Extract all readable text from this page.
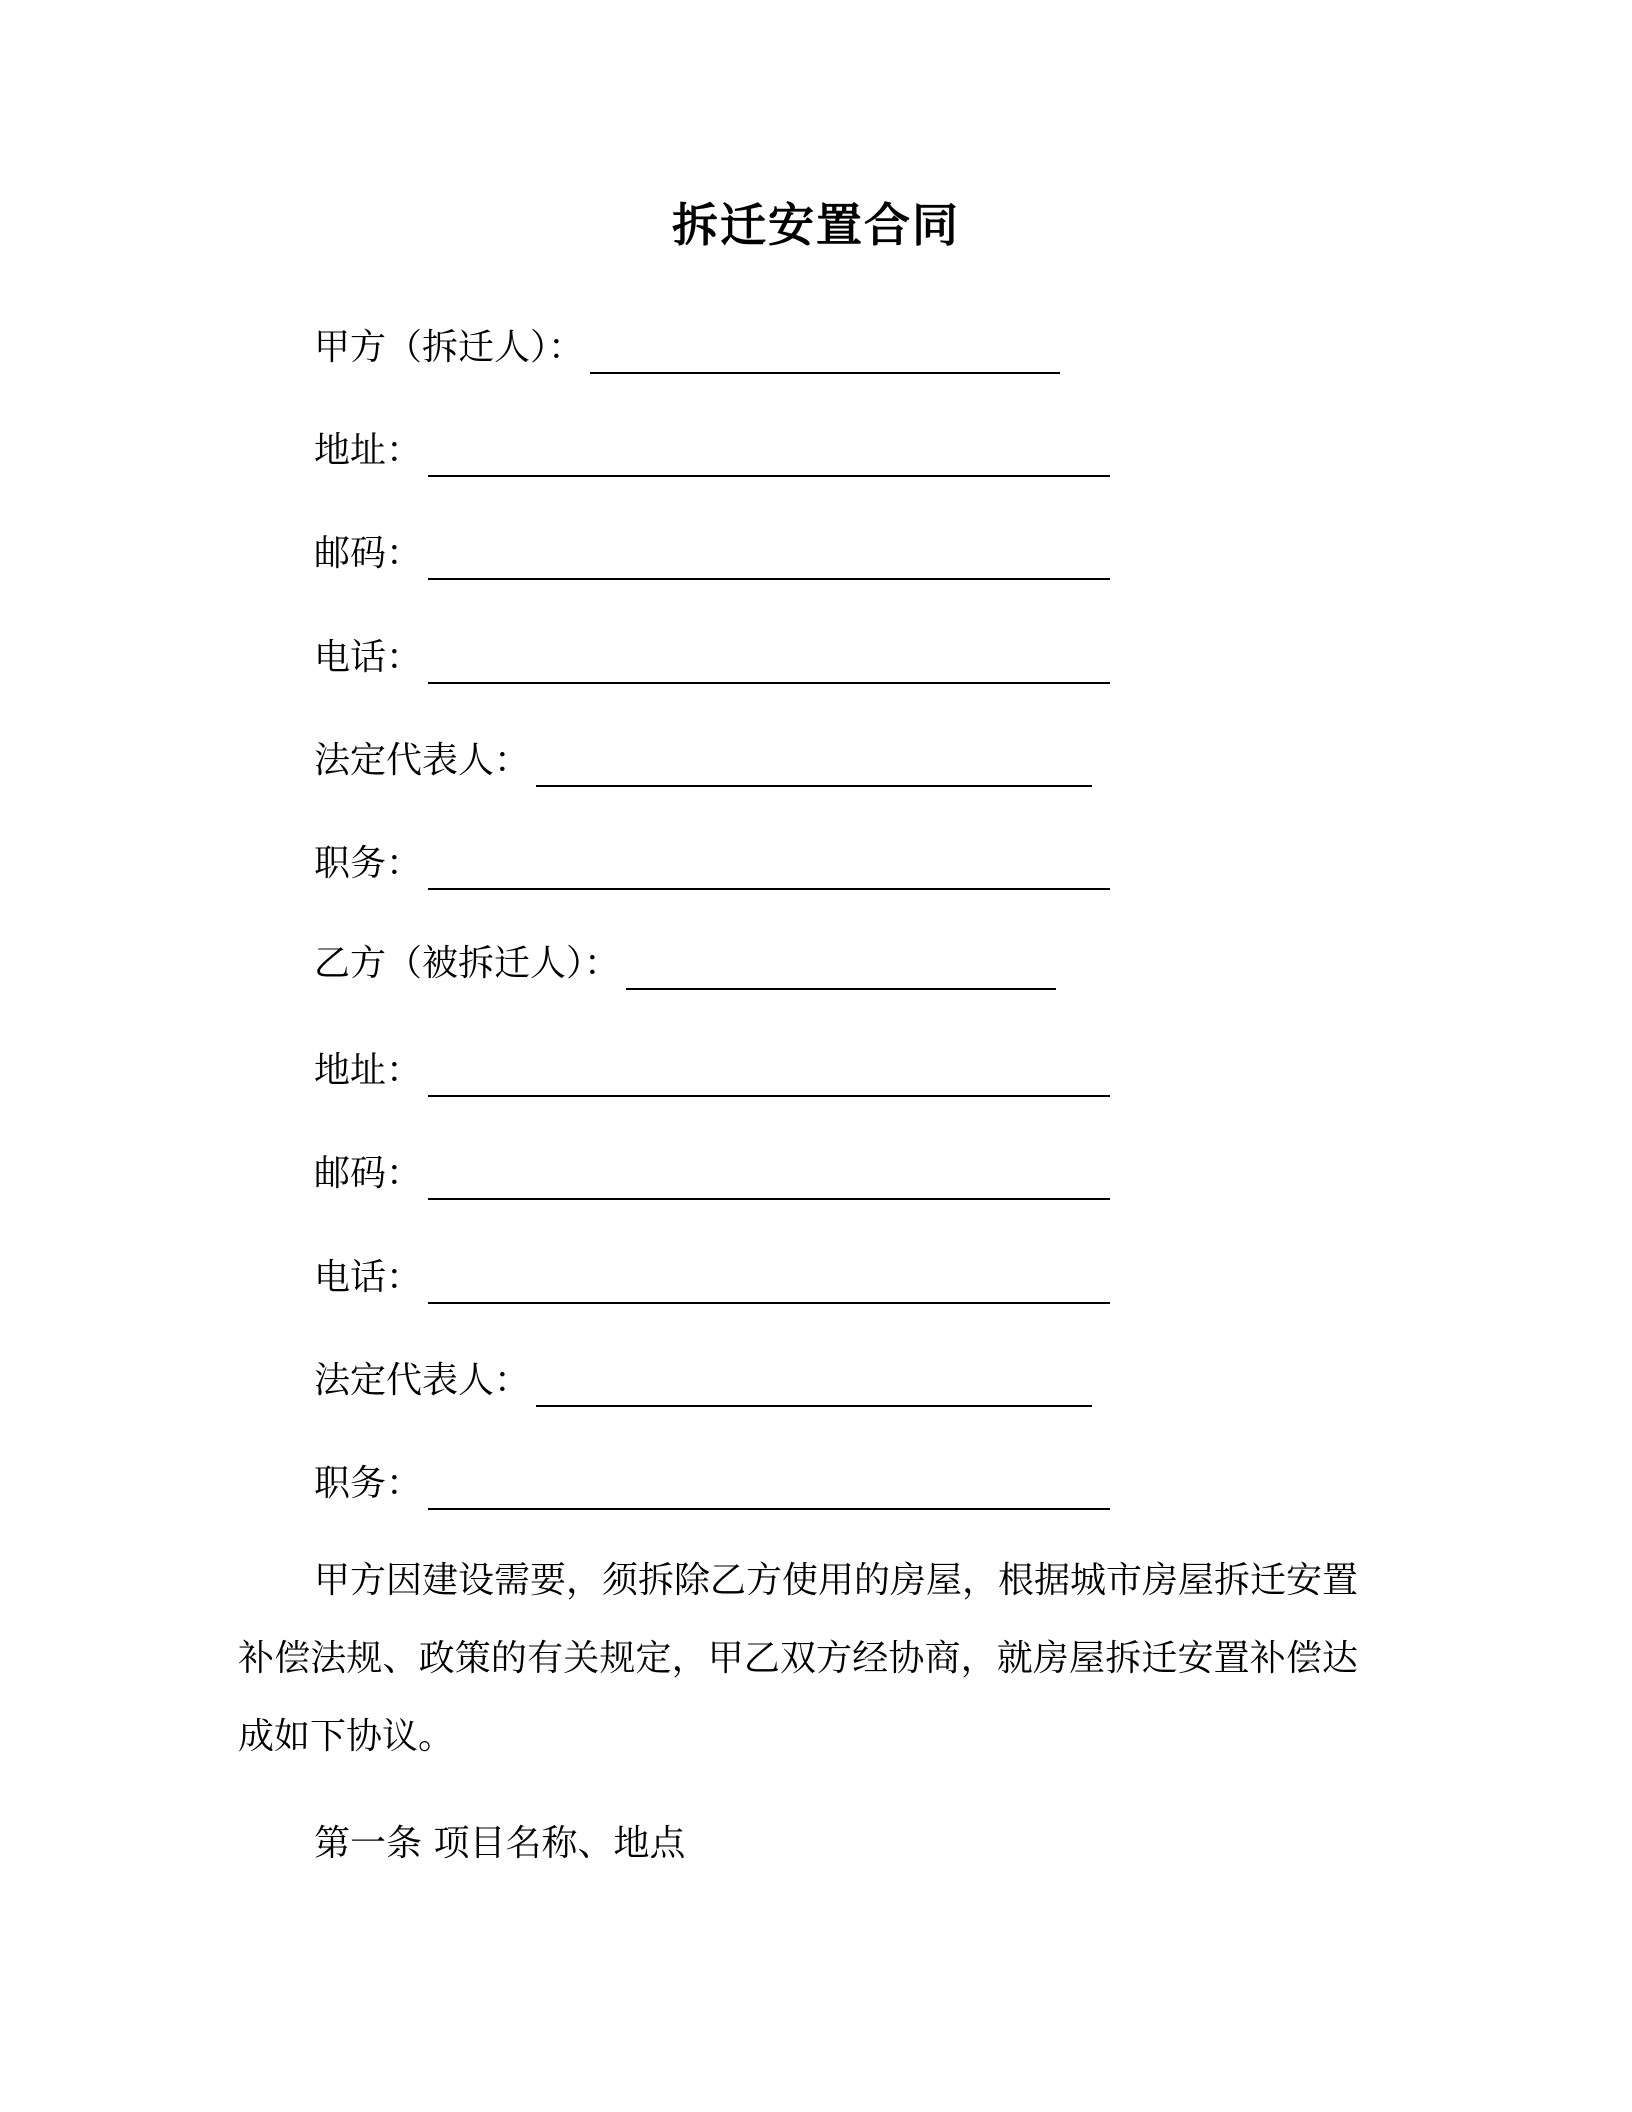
拆迁安置合同
甲方（拆迁人）：
地址：
邮码：
电话：
法定代表人：
职务：
乙方（被拆迁人）：
地址：
邮码：
电话：
法定代表人：
职务：
甲方因建设需要，须拆除乙方使用的房屋，根据城市房屋拆迁安置补偿法规、政策的有关规定，甲乙双方经协商，就房屋拆迁安置补偿达成如下协议。
第一条 项目名称、地点
